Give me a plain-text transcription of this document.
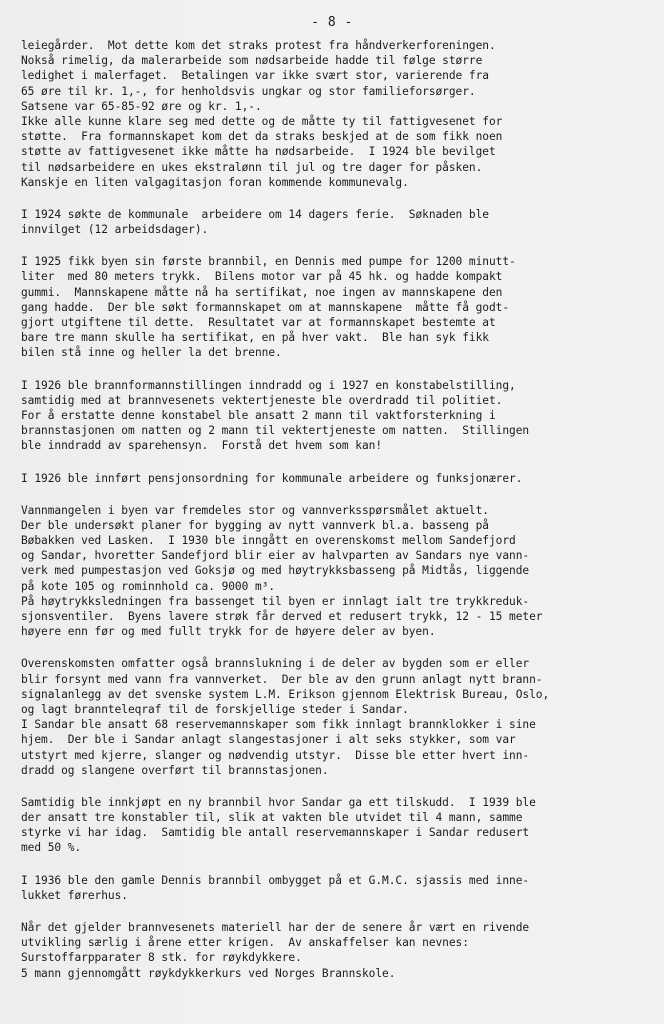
- 8 -
leiegårder.  Mot dette kom det straks protest fra håndverkerforeningen.
Nokså rimelig, da malerarbeide som nødsarbeide hadde til følge større
ledighet i malerfaget.  Betalingen var ikke svært stor, varierende fra
65 øre til kr. 1,-, for henholdsvis ungkar og stor familieforsørger.
Satsene var 65-85-92 øre og kr. 1,-.
Ikke alle kunne klare seg med dette og de måtte ty til fattigvesenet for
støtte.  Fra formannskapet kom det da straks beskjed at de som fikk noen
støtte av fattigvesenet ikke måtte ha nødsarbeide.  I 1924 ble bevilget
til nødsarbeidere en ukes ekstralønn til jul og tre dager for påsken.
Kanskje en liten valgagitasjon foran kommende kommunevalg.
I 1924 søkte de kommunale  arbeidere om 14 dagers ferie.  Søknaden ble
innvilget (12 arbeidsdager).
I 1925 fikk byen sin første brannbil, en Dennis med pumpe for 1200 minutt-
liter  med 80 meters trykk.  Bilens motor var på 45 hk. og hadde kompakt
gummi.  Mannskapene måtte nå ha sertifikat, noe ingen av mannskapene den
gang hadde.  Der ble søkt formannskapet om at mannskapene  måtte få godt-
gjort utgiftene til dette.  Resultatet var at formannskapet bestemte at
bare tre mann skulle ha sertifikat, en på hver vakt.  Ble han syk fikk
bilen stå inne og heller la det brenne.
I 1926 ble brannformannstillingen inndradd og i 1927 en konstabelstilling,
samtidig med at brannvesenets vektertjeneste ble overdradd til politiet.
For å erstatte denne konstabel ble ansatt 2 mann til vaktforsterkning i
brannstasjonen om natten og 2 mann til vektertjeneste om natten.  Stillingen
ble inndradd av sparehensyn.  Forstå det hvem som kan!
I 1926 ble innført pensjonsordning for kommunale arbeidere og funksjonærer.
Vannmangelen i byen var fremdeles stor og vannverksspørsmålet aktuelt.
Der ble undersøkt planer for bygging av nytt vannverk bl.a. basseng på
Bøbakken ved Lasken.  I 1930 ble inngått en overenskomst mellom Sandefjord
og Sandar, hvoretter Sandefjord blir eier av halvparten av Sandars nye vann-
verk med pumpestasjon ved Goksjø og med høytrykksbasseng på Midtås, liggende
på kote 105 og rominnhold ca. 9000 m³.
På høytrykksledningen fra bassenget til byen er innlagt ialt tre trykkreduk-
sjonsventiler.  Byens lavere strøk får derved et redusert trykk, 12 - 15 meter
høyere enn før og med fullt trykk for de høyere deler av byen.
Overenskomsten omfatter også brannslukning i de deler av bygden som er eller
blir forsynt med vann fra vannverket.  Der ble av den grunn anlagt nytt brann-
signalanlegg av det svenske system L.M. Erikson gjennom Elektrisk Bureau, Oslo,
og lagt brannteleqraf til de forskjellige steder i Sandar.
I Sandar ble ansatt 68 reservemannskaper som fikk innlagt brannklokker i sine
hjem.  Der ble i Sandar anlagt slangestasjoner i alt seks stykker, som var
utstyrt med kjerre, slanger og nødvendig utstyr.  Disse ble etter hvert inn-
dradd og slangene overført til brannstasjonen.
Samtidig ble innkjøpt en ny brannbil hvor Sandar ga ett tilskudd.  I 1939 ble
der ansatt tre konstabler til, slik at vakten ble utvidet til 4 mann, samme
styrke vi har idag.  Samtidig ble antall reservemannskaper i Sandar redusert
med 50 %.
I 1936 ble den gamle Dennis brannbil ombygget på et G.M.C. sjassis med inne-
lukket førerhus.
Når det gjelder brannvesenets materiell har der de senere år vært en rivende
utvikling særlig i årene etter krigen.  Av anskaffelser kan nevnes:
Surstoffarpparater 8 stk. for røykdykkere.
5 mann gjennomgått røykdykkerkurs ved Norges Brannskole.
